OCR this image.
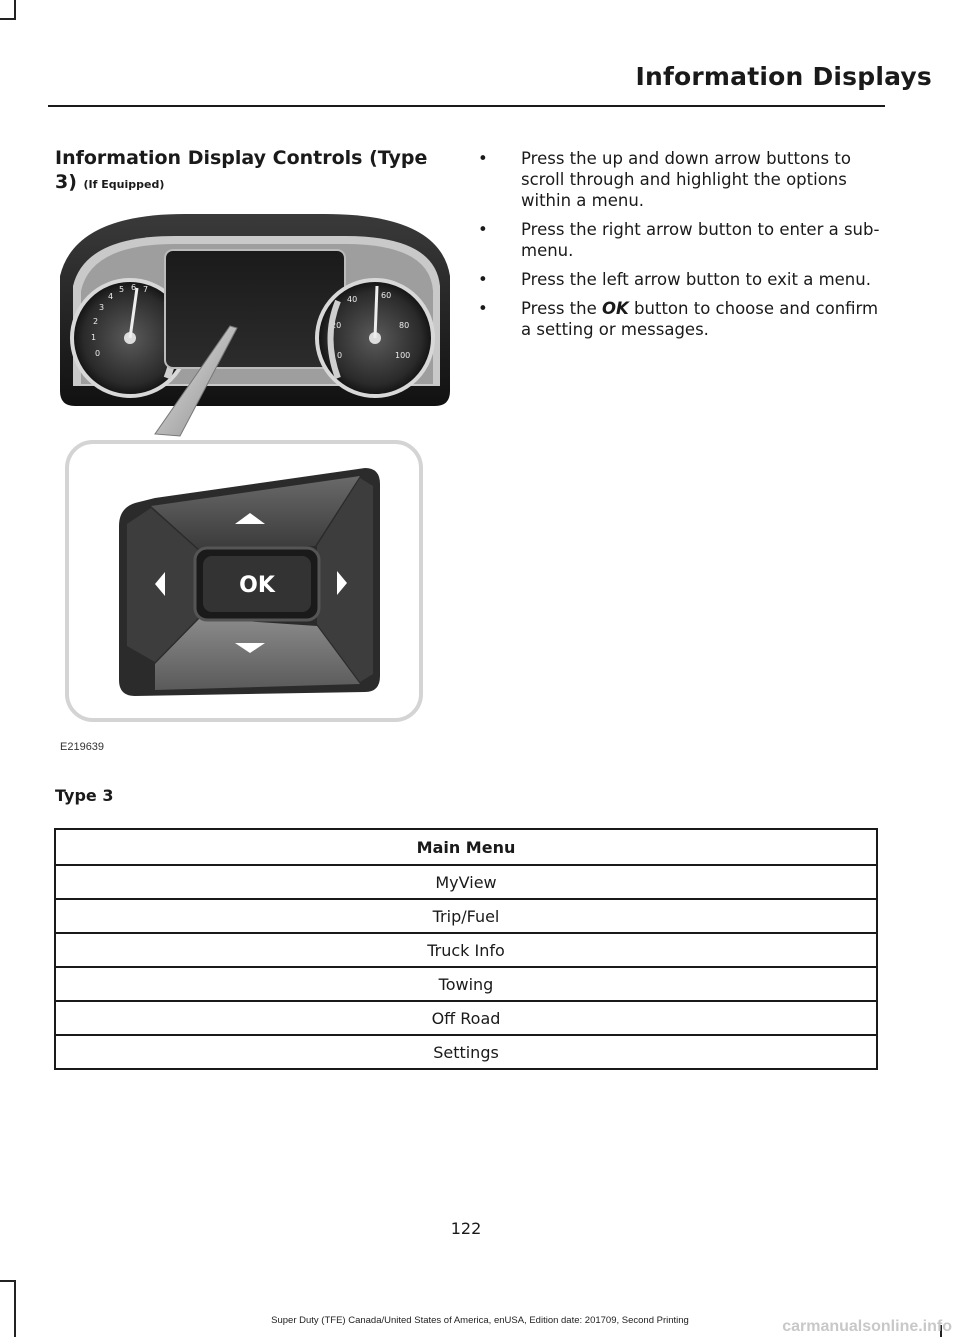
Information Displays
Information Display Controls (Type 3) (If Equipped)
0
1
2
3
4
5 6 7
0
20
40	60
80
100
OK
E219639
• Press the up and down arrow buttons to scroll through and highlight the options within a menu.
• Press the right arrow button to enter a sub-menu.
• Press the left arrow button to exit a menu.
• Press the OK button to choose and confirm a setting or messages.
Type 3
Main Menu
MyView
Trip/Fuel
Truck Info
Towing
Off Road
Settings
122
Super Duty (TFE) Canada/United States of America, enUSA, Edition date: 201709, Second Printing	carmanualsonline.info
